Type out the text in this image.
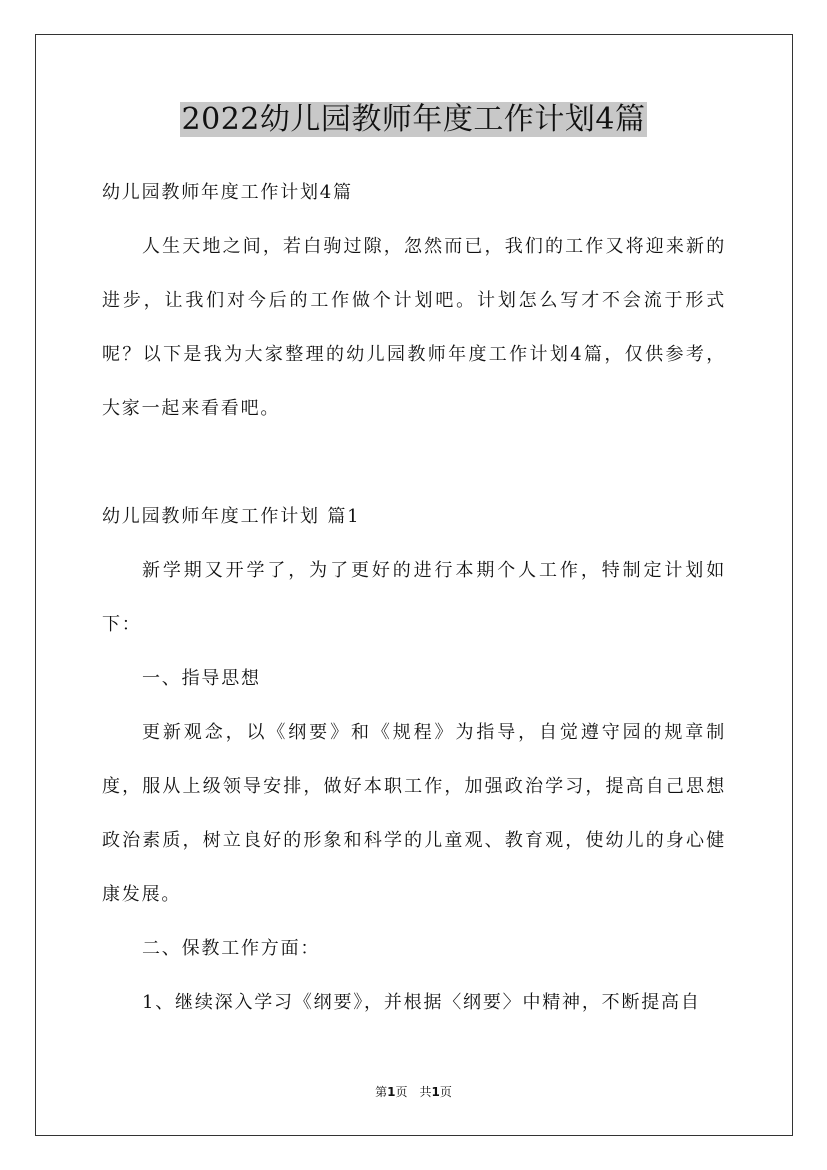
2022幼儿园教师年度工作计划4篇

幼儿园教师年度工作计划4篇

人生天地之间，若白驹过隙，忽然而已，我们的工作又将迎来新的进步，让我们对今后的工作做个计划吧。计划怎么写才不会流于形式呢？以下是我为大家整理的幼儿园教师年度工作计划4篇，仅供参考，大家一起来看看吧。

幼儿园教师年度工作计划 篇1

新学期又开学了，为了更好的进行本期个人工作，特制定计划如下：

一、指导思想

更新观念，以《纲要》和《规程》为指导，自觉遵守园的规章制度，服从上级领导安排，做好本职工作，加强政治学习，提高自己思想政治素质，树立良好的形象和科学的儿童观、教育观，使幼儿的身心健康发展。

二、保教工作方面：

1、继续深入学习《纲要》，并根据〈纲要〉中精神，不断提高自

第1页　共1页
